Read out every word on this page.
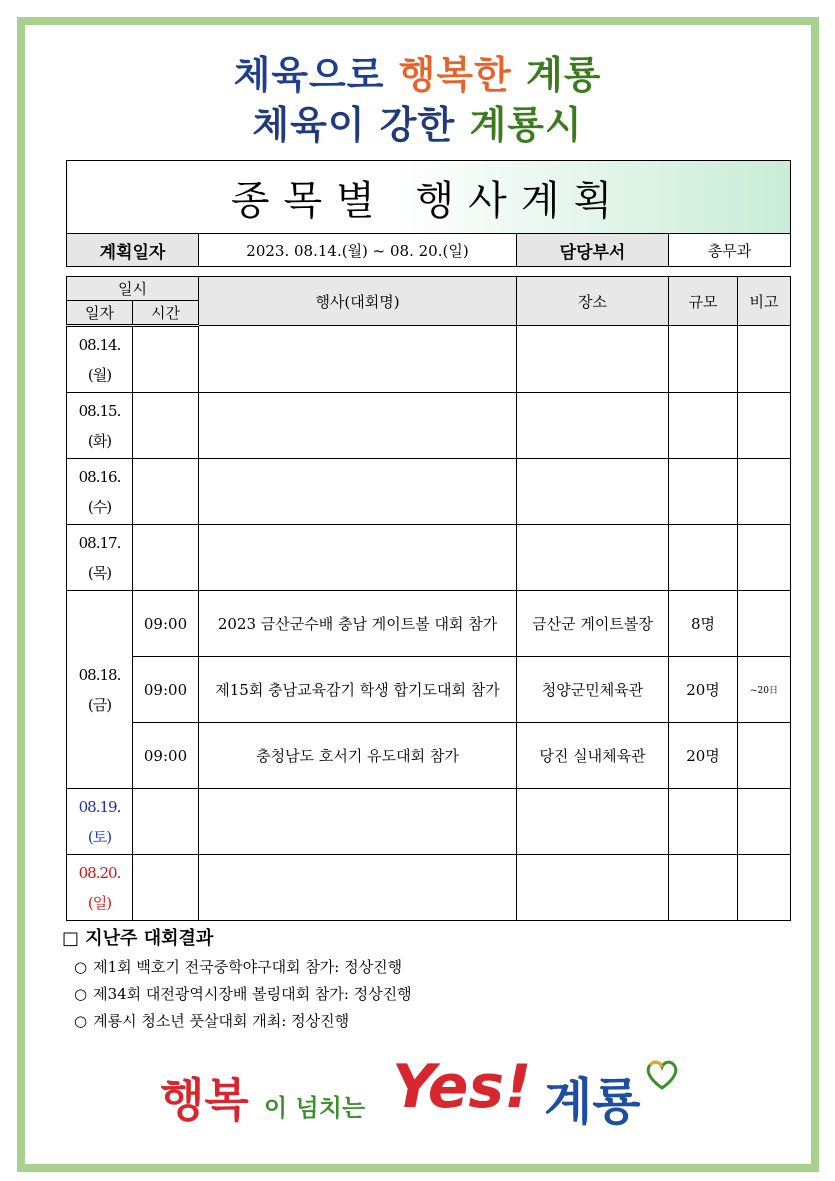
체육으로 행복한 계룡
체육이 강한 계룡시
종목별 행사계획
계획일자	2023. 08.14.(월) ~ 08. 20.(일)	담당부서	총무과
일시		행사(대회명)	장소	규모	비고
일자	시간				

08.14.
(월)					

08.15.
(화)					

08.16.
(수)					

08.17.
(목)					

08.18.
(금)	09:00	2023 금산군수배 충남 게이트볼 대회 참가	금산군 게이트볼장	8명	
	09:00	제15회 충남교육감기 학생 합기도대회 참가	청양군민체육관	20명	~20日
	09:00	충청남도 호서기 유도대회 참가	당진 실내체육관	20명	

08.19.
(토)					

08.20.
(일)					

□ 지난주 대회결과
○ 제1회 백호기 전국중학야구대회 참가: 정상진행
○ 제34회 대전광역시장배 볼링대회 참가: 정상진행
○ 계룡시 청소년 풋살대회 개최: 정상진행
행복 이 넘치는 Yes! 계룡
